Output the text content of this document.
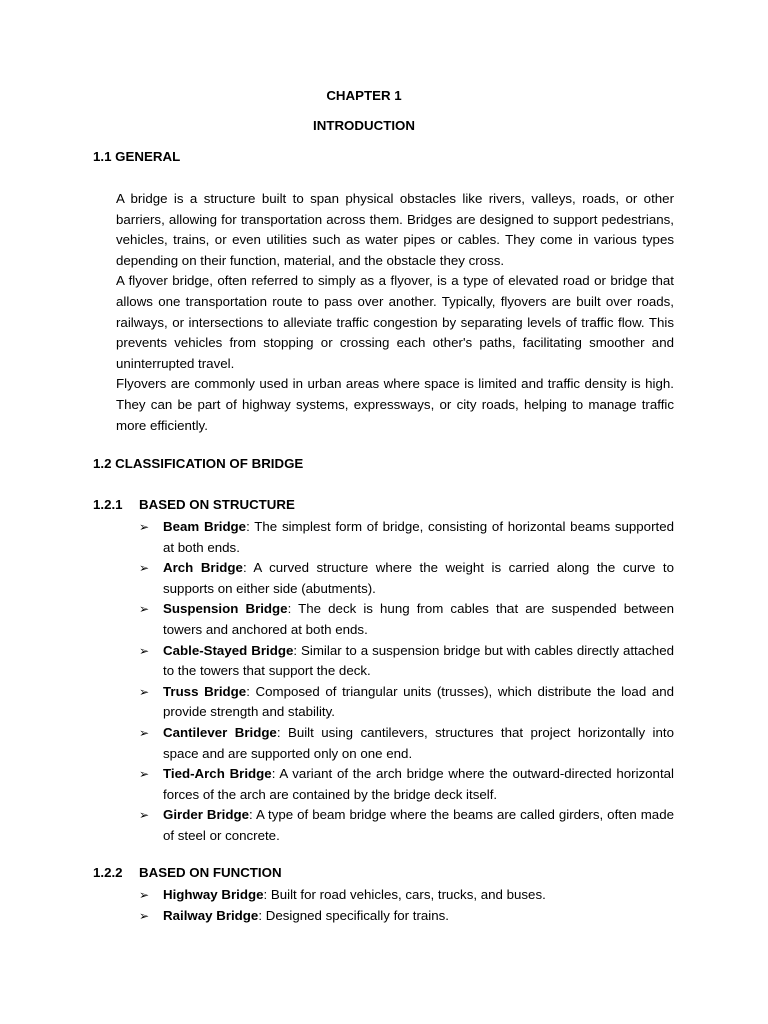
CHAPTER 1
INTRODUCTION
1.1 GENERAL

A bridge is a structure built to span physical obstacles like rivers, valleys, roads, or other barriers, allowing for transportation across them. Bridges are designed to support pedestrians, vehicles, trains, or even utilities such as water pipes or cables. They come in various types depending on their function, material, and the obstacle they cross.

A flyover bridge, often referred to simply as a flyover, is a type of elevated road or bridge that allows one transportation route to pass over another. Typically, flyovers are built over roads, railways, or intersections to alleviate traffic congestion by separating levels of traffic flow. This prevents vehicles from stopping or crossing each other's paths, facilitating smoother and uninterrupted travel.

Flyovers are commonly used in urban areas where space is limited and traffic density is high. They can be part of highway systems, expressways, or city roads, helping to manage traffic more efficiently.

1.2 CLASSIFICATION OF BRIDGE
1.2.1 BASED ON STRUCTURE
➢	Beam Bridge: The simplest form of bridge, consisting of horizontal beams supported at both ends.
➢	Arch Bridge: A curved structure where the weight is carried along the curve to supports on either side (abutments).
➢	Suspension Bridge: The deck is hung from cables that are suspended between towers and anchored at both ends.
➢	Cable-Stayed Bridge: Similar to a suspension bridge but with cables directly attached to the towers that support the deck.
➢	Truss Bridge: Composed of triangular units (trusses), which distribute the load and provide strength and stability.
➢	Cantilever Bridge: Built using cantilevers, structures that project horizontally into space and are supported only on one end.
➢	Tied-Arch Bridge: A variant of the arch bridge where the outward-directed horizontal forces of the arch are contained by the bridge deck itself.
➢	Girder Bridge: A type of beam bridge where the beams are called girders, often made of steel or concrete.
1.2.2 BASED ON FUNCTION
➢	Highway Bridge: Built for road vehicles, cars, trucks, and buses.
➢	Railway Bridge: Designed specifically for trains.
